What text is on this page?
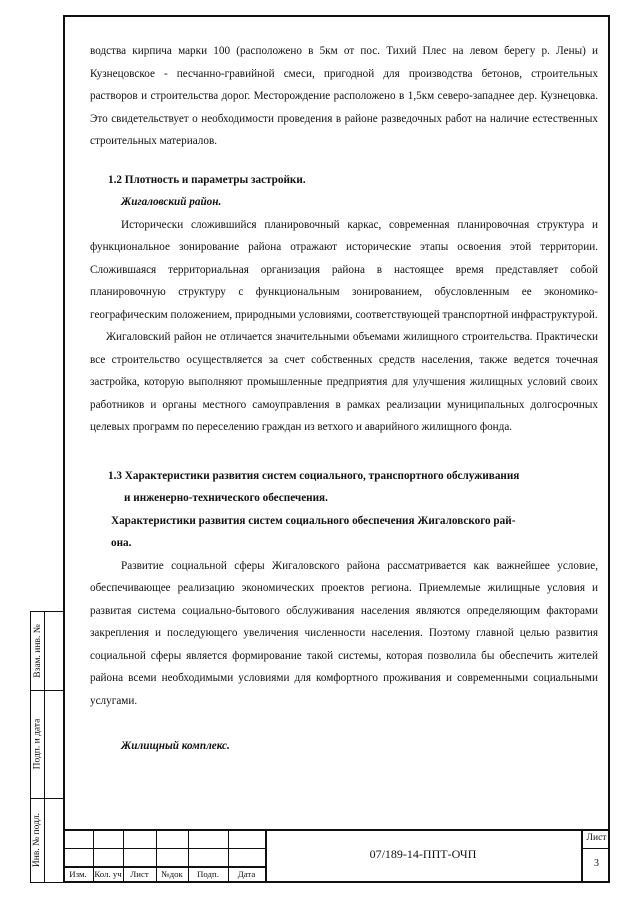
водства кирпича марки 100 (расположено в 5км от пос. Тихий Плес на левом берегу р. Лены) и Кузнецовское - песчанно-гравийной смеси, пригодной для производства бетонов, строительных растворов и строительства дорог. Месторождение расположено в 1,5км северо-западнее дер. Кузнецовка. Это свидетельствует о необходимости проведения в районе разведочных работ на наличие естественных строительных материалов.

1.2 Плотность и параметры застройки.

Жигаловский район.

Исторически сложившийся планировочный каркас, современная планировочная структура и функциональное зонирование района отражают исторические этапы освоения этой территории. Сложившаяся территориальная организация района в настоящее время представляет собой планировочную структуру с функциональным зонированием, обусловленным ее экономико-географическим положением, природными условиями, соответствующей транспортной инфраструктурой.

Жигаловский район не отличается значительными объемами жилищного строительства. Практически все строительство осуществляется за счет собственных средств населения, также ведется точечная застройка, которую выполняют промышленные предприятия для улучшения жилищных условий своих работников и органы местного самоуправления в рамках реализации муниципальных долгосрочных целевых программ по переселению граждан из ветхого и аварийного жилищного фонда.

1.3 Характеристики развития систем социального, транспортного обслуживания

и инженерно-технического обеспечения.

Характеристики развития систем социального обеспечения Жигаловского рай-

она.

Развитие социальной сферы Жигаловского района рассматривается как важнейшее условие, обеспечивающее реализацию экономических проектов региона. Приемлемые жилищные условия и развитая система социально-бытового обслуживания населения являются определяющим факторами закрепления и последующего увеличения численности населения. Поэтому главной целью развития социальной сферы является формирование такой системы, которая позволила бы обеспечить жителей района всеми необходимыми условиями для комфортного проживания и современными социальными услугами.

Жилищный комплекс.

Взам. инв. №
Подп. и дата
Инв. № подл.
Изм. Кол. уч Лист	№док	Подп.	Дата
07/189-14-ППТ-ОЧП
Лист
3
